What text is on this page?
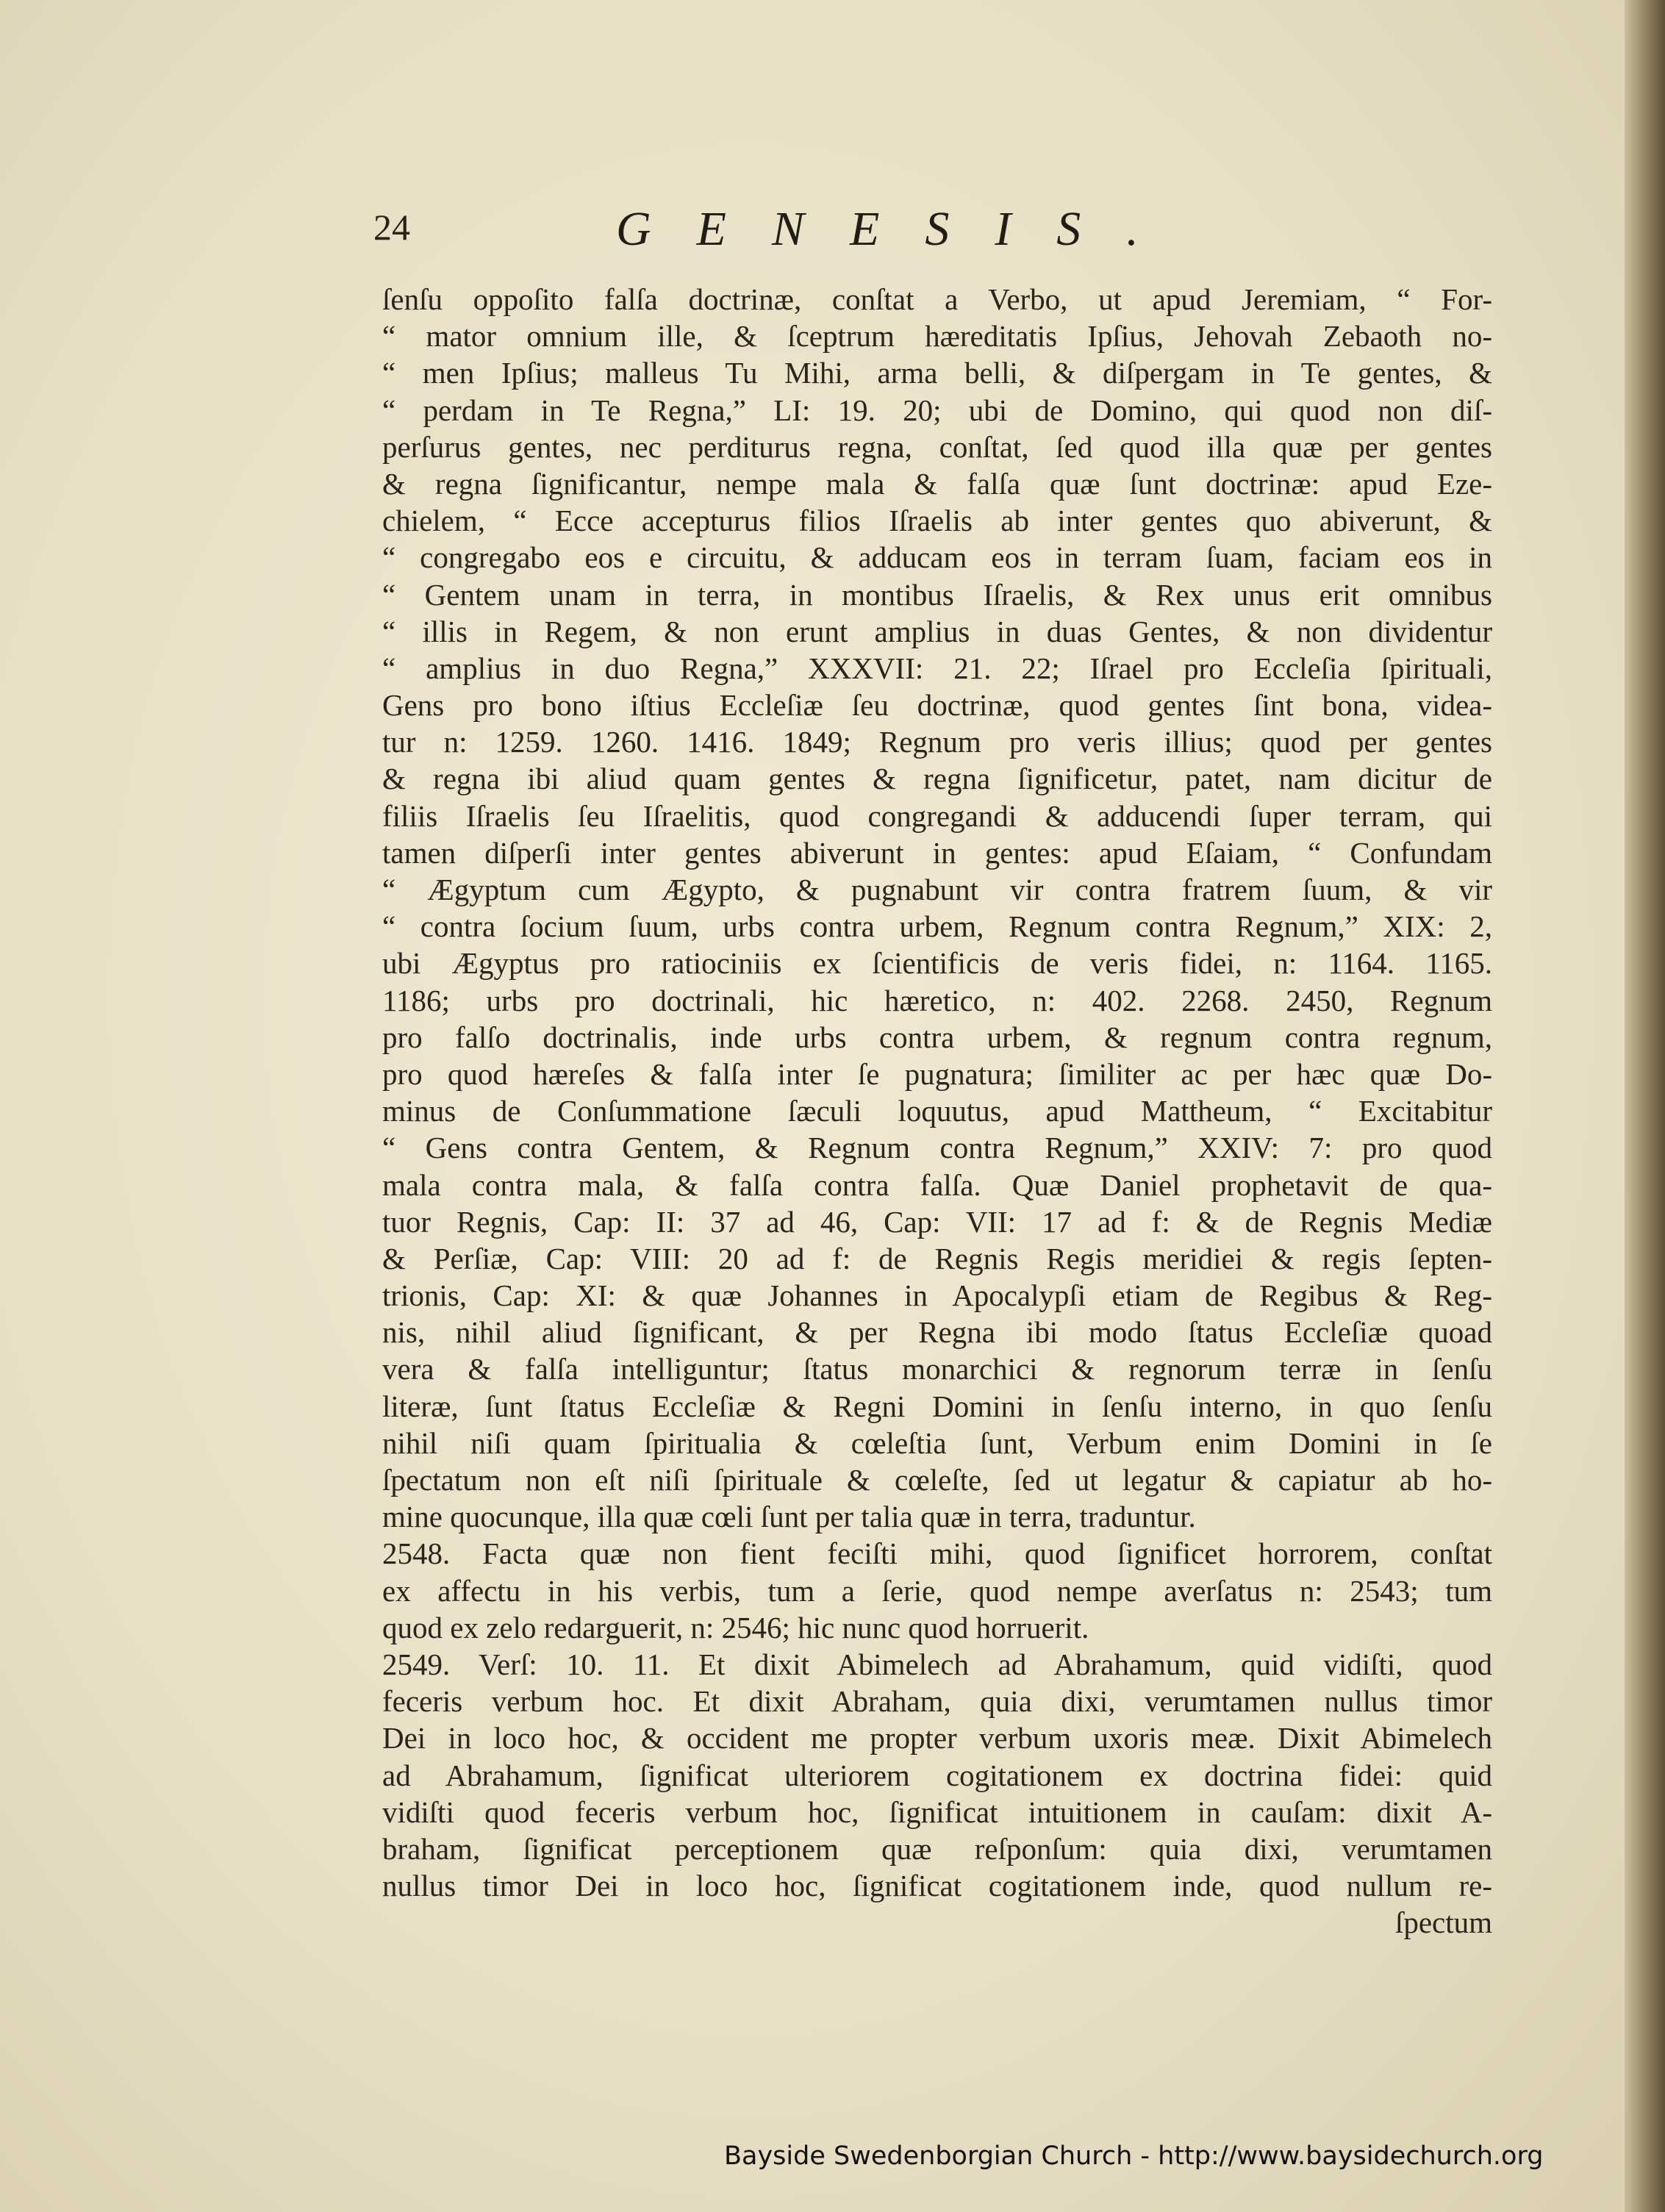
24	GENESIS.
ſenſu oppoſito falſa doctrinæ, conſtat a Verbo, ut apud Jeremiam, “ For-
“ mator omnium ille, & ſceptrum hæreditatis Ipſius, Jehovah Zebaoth no-
“ men Ipſius; malleus Tu Mihi, arma belli, & diſpergam in Te gentes, &
“ perdam in Te Regna,” LI: 19. 20; ubi de Domino, qui quod non diſ-
perſurus gentes, nec perditurus regna, conſtat, ſed quod illa quæ per gentes
& regna ſignificantur, nempe mala & falſa quæ ſunt doctrinæ: apud Eze-
chielem, “ Ecce accepturus filios Iſraelis ab inter gentes quo abiverunt, &
“ congregabo eos e circuitu, & adducam eos in terram ſuam, faciam eos in
“ Gentem unam in terra, in montibus Iſraelis, & Rex unus erit omnibus
“ illis in Regem, & non erunt amplius in duas Gentes, & non dividentur
“ amplius in duo Regna,” XXXVII: 21. 22; Iſrael pro Eccleſia ſpirituali,
Gens pro bono iſtius Eccleſiæ ſeu doctrinæ, quod gentes ſint bona, videa-
tur n: 1259. 1260. 1416. 1849; Regnum pro veris illius; quod per gentes
& regna ibi aliud quam gentes & regna ſignificetur, patet, nam dicitur de
filiis Iſraelis ſeu Iſraelitis, quod congregandi & adducendi ſuper terram, qui
tamen diſperſi inter gentes abiverunt in gentes: apud Eſaiam, “ Confundam
“ Ægyptum cum Ægypto, & pugnabunt vir contra fratrem ſuum, & vir
“ contra ſocium ſuum, urbs contra urbem, Regnum contra Regnum,” XIX: 2,
ubi Ægyptus pro ratiociniis ex ſcientificis de veris fidei, n: 1164. 1165.
1186; urbs pro doctrinali, hic hæretico, n: 402. 2268. 2450, Regnum
pro falſo doctrinalis, inde urbs contra urbem, & regnum contra regnum,
pro quod hæreſes & falſa inter ſe pugnatura; ſimiliter ac per hæc quæ Do-
minus de Conſummatione ſæculi loquutus, apud Mattheum, “ Excitabitur
“ Gens contra Gentem, & Regnum contra Regnum,” XXIV: 7: pro quod
mala contra mala, & falſa contra falſa. Quæ Daniel prophetavit de qua-
tuor Regnis, Cap: II: 37 ad 46, Cap: VII: 17 ad f: & de Regnis Mediæ
& Perſiæ, Cap: VIII: 20 ad f: de Regnis Regis meridiei & regis ſepten-
trionis, Cap: XI: & quæ Johannes in Apocalypſi etiam de Regibus & Reg-
nis, nihil aliud ſignificant, & per Regna ibi modo ſtatus Eccleſiæ quoad
vera & falſa intelliguntur; ſtatus monarchici & regnorum terræ in ſenſu
literæ, ſunt ſtatus Eccleſiæ & Regni Domini in ſenſu interno, in quo ſenſu
nihil niſi quam ſpiritualia & cœleſtia ſunt, Verbum enim Domini in ſe
ſpectatum non eſt niſi ſpirituale & cœleſte, ſed ut legatur & capiatur ab ho-
mine quocunque, illa quæ cœli ſunt per talia quæ in terra, traduntur.
2548. Facta quæ non fient feciſti mihi, quod ſignificet horrorem, conſtat
ex affectu in his verbis, tum a ſerie, quod nempe averſatus n: 2543; tum
quod ex zelo redarguerit, n: 2546; hic nunc quod horruerit.
2549. Verſ: 10. 11. Et dixit Abimelech ad Abrahamum, quid vidiſti, quod
feceris verbum hoc. Et dixit Abraham, quia dixi, verumtamen nullus timor
Dei in loco hoc, & occident me propter verbum uxoris meæ. Dixit Abimelech
ad Abrahamum, ſignificat ulteriorem cogitationem ex doctrina fidei: quid
vidiſti quod feceris verbum hoc, ſignificat intuitionem in cauſam: dixit A-
braham, ſignificat perceptionem quæ reſponſum: quia dixi, verumtamen
nullus timor Dei in loco hoc, ſignificat cogitationem inde, quod nullum re-
ſpectum
Bayside Swedenborgian Church - http://www.baysidechurch.org
